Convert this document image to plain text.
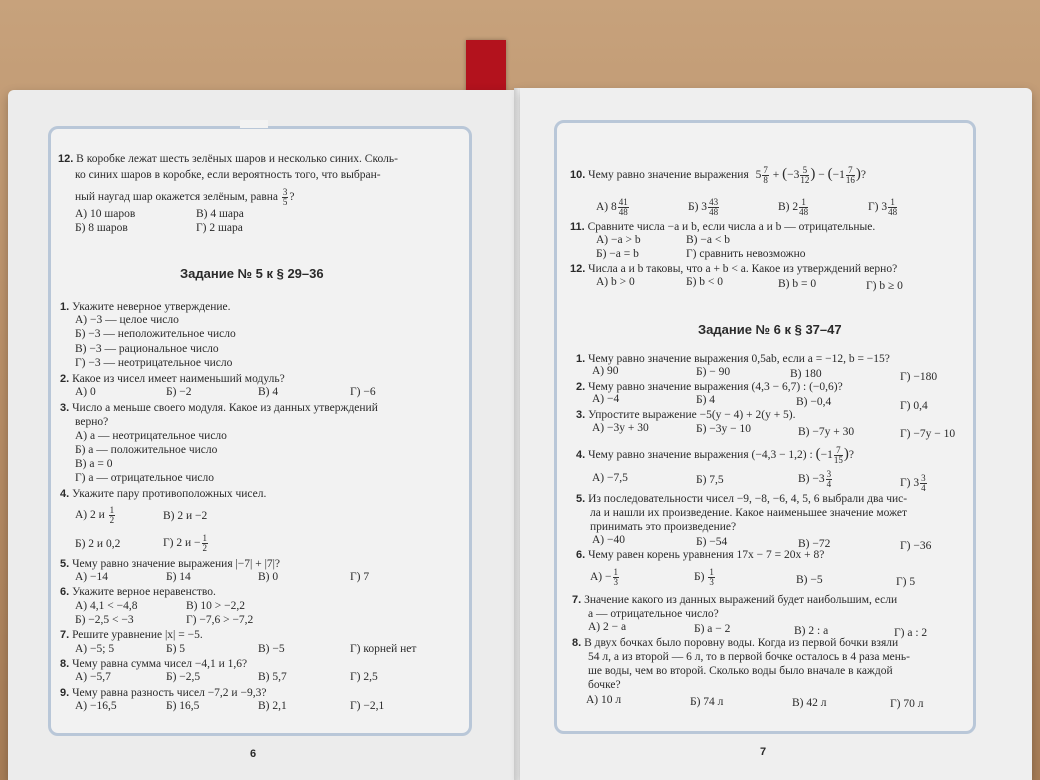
12. В коробке лежат шесть зелёных шаров и несколько синих. Сколь-
ко синих шаров в коробке, если вероятность того, что выбран-
ный наугад шар окажется зелёным, равна $\frac{3}{5}$ ?
А) 10 шаров	В) 4 шара
Б) 8 шаров	Г) 2 шара
Задание № 5 к § 29–36
1. Укажите неверное утверждение.
А) −3 — целое число
Б) −3 — неположительное число
В) −3 — рациональное число
Г) −3 — неотрицательное число
2. Какое из чисел имеет наименьший модуль?
А) 0	Б) −2	В) 4	Г) −6
3. Число a меньше своего модуля. Какое из данных утверждений
верно?
А) a — неотрицательное число
Б) a — положительное число
В) a = 0
Г) a — отрицательное число
4. Укажите пару противоположных чисел.
А) 2 и $\frac{1}{2}$	В) 2 и −2
Б) 2 и 0,2	Г) 2 $и - \frac{1}{2}$
5. Чему равно значение выражения |−7| + |7|?
А) −14	Б) 14	В) 0	Г) 7
6. Укажите верное неравенство.
А) 4,1 < −4,8	В) 10 > −2,2
Б) −2,5 < −3	Г) −7,6 > −7,2
7. Решите уравнение |x| = −5.
А) −5; 5	Б) 5	В) −5	Г) корней нет
8. Чему равна сумма чисел −4,1 и 1,6?
А) −5,7	Б) −2,5	В) 5,7	Г) 2,5
9. Чему равна разность чисел −7,2 и −9,3?
А) −16,5	Б) 16,5	В) 2,1	Г) −2,1
6
10. Чему равно значение выражения $5 \frac{7}{8} + (-3 \frac{5}{12}$ ) − ($-1 \frac{7}{16}$ )?
А) $8 \frac{41}{48}$	Б) $3 \frac{43}{48}$	В) $2 \frac{1}{48}$	Г) $3 \frac{1}{48}$
11. Сравните числа −a и b, если числа a и b — отрицательные.
А) −a > b	В) −a < b
Б) −a = b	Г) сравнить невозможно
12. Числа a и b таковы, что a + b < a. Какое из утверждений верно?
А) b > 0	Б) b < 0	В) b = 0	Г) b ≥ 0
Задание № 6 к § 37–47
1. Чему равно значение выражения 0,5ab, если a = −12, b = −15?
А) 90	Б) − 90	В) 180	Г) −180
2. Чему равно значение выражения (4,3 − 6,7) : (−0,6)?
А) −4	Б) 4	В) −0,4	Г) 0,4
3. Упростите выражение −5(y − 4) + 2(y + 5).
А) −3y + 30	Б) −3y − 10	В) −7y + 30	Г) −7y − 10
4. Чему равно значение выражения (−4,3 − 1,2) : ($-1 \frac{7}{15}$ )?
А) −7,5	Б) 7,5	$В) -3 \frac{3}{4}$	Г) $3 \frac{3}{4}$
5. Из последовательности чисел −9, −8, −6, 4, 5, 6 выбрали два чис-
ла и нашли их произведение. Какое наименьшее значение может
принимать это произведение?
А) −40	Б) −54	В) −72	Г) −36
6. Чему равен корень уравнения 17x − 7 = 20x + 8?
$А) - \frac{1}{3}$	$Б) \frac{1}{3}$	В) −5	Г) 5
7. Значение какого из данных выражений будет наибольшим, если
a — отрицательное число?
А) 2 − a	Б) a − 2	В) 2 : a	Г) a : 2
8. В двух бочках было поровну воды. Когда из первой бочки взяли
54 л, а из второй — 6 л, то в первой бочке осталось в 4 раза мень-
ше воды, чем во второй. Сколько воды было вначале в каждой
бочке?
А) 10 л	Б) 74 л	В) 42 л	Г) 70 л
7
